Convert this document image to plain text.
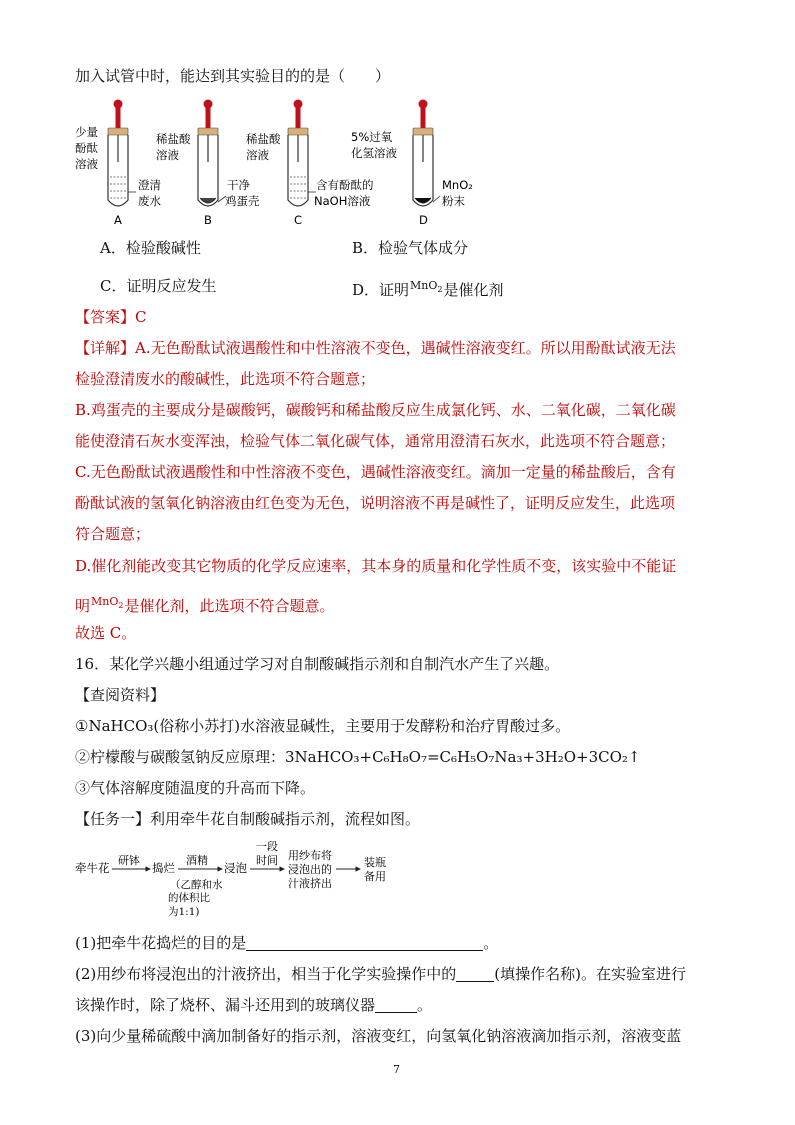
加入试管中时，能达到其实验目的的是（　　）
少量
酚酞
溶液
澄清
废水
A
稀盐酸
溶液
干净
鸡蛋壳
B
稀盐酸
溶液
含有酚酞的
NaOH溶液
C
5%过氧
化氢溶液
MnO₂
粉末
D
A．检验酸碱性	B．检验气体成分
C．证明反应发生	D．证明MnO$_2$是催化剂
【答案】C
【详解】A.无色酚酞试液遇酸性和中性溶液不变色，遇碱性溶液变红。所以用酚酞试液无法
检验澄清废水的酸碱性，此选项不符合题意；
B.鸡蛋壳的主要成分是碳酸钙，碳酸钙和稀盐酸反应生成氯化钙、水、二氧化碳，二氧化碳
能使澄清石灰水变浑浊，检验气体二氧化碳气体，通常用澄清石灰水，此选项不符合题意；
C.无色酚酞试液遇酸性和中性溶液不变色，遇碱性溶液变红。滴加一定量的稀盐酸后，含有
酚酞试液的氢氧化钠溶液由红色变为无色，说明溶液不再是碱性了，证明反应发生，此选项
符合题意；
D.催化剂能改变其它物质的化学反应速率，其本身的质量和化学性质不变，该实验中不能证
明MnO$_2$是催化剂，此选项不符合题意。
故选 C。
16．某化学兴趣小组通过学习对自制酸碱指示剂和自制汽水产生了兴趣。
【查阅资料】
①NaHCO₃(俗称小苏打)水溶液显碱性，主要用于发酵粉和治疗胃酸过多。
②柠檬酸与碳酸氢钠反应原理：3NaHCO₃+C₆H₈O₇=C₆H₅O₇Na₃+3H₂O+3CO₂↑
③气体溶解度随温度的升高而下降。
【任务一】利用牵牛花自制酸碱指示剂，流程如图。
牵牛花
研钵
捣烂
酒精
（乙醇和水
的体积比
为1:1)
浸泡
一段
时间 用纱布将
浸泡出的
汁液挤出
装瓶
备用
(1)把牵牛花捣烂的目的是	。
(2)用纱布将浸泡出的汁液挤出，相当于化学实验操作中的	(填操作名称)。在实验室进行
该操作时，除了烧杯、漏斗还用到的玻璃仪器	。
(3)向少量稀硫酸中滴加制备好的指示剂，溶液变红，向氢氧化钠溶液滴加指示剂，溶液变蓝
7
